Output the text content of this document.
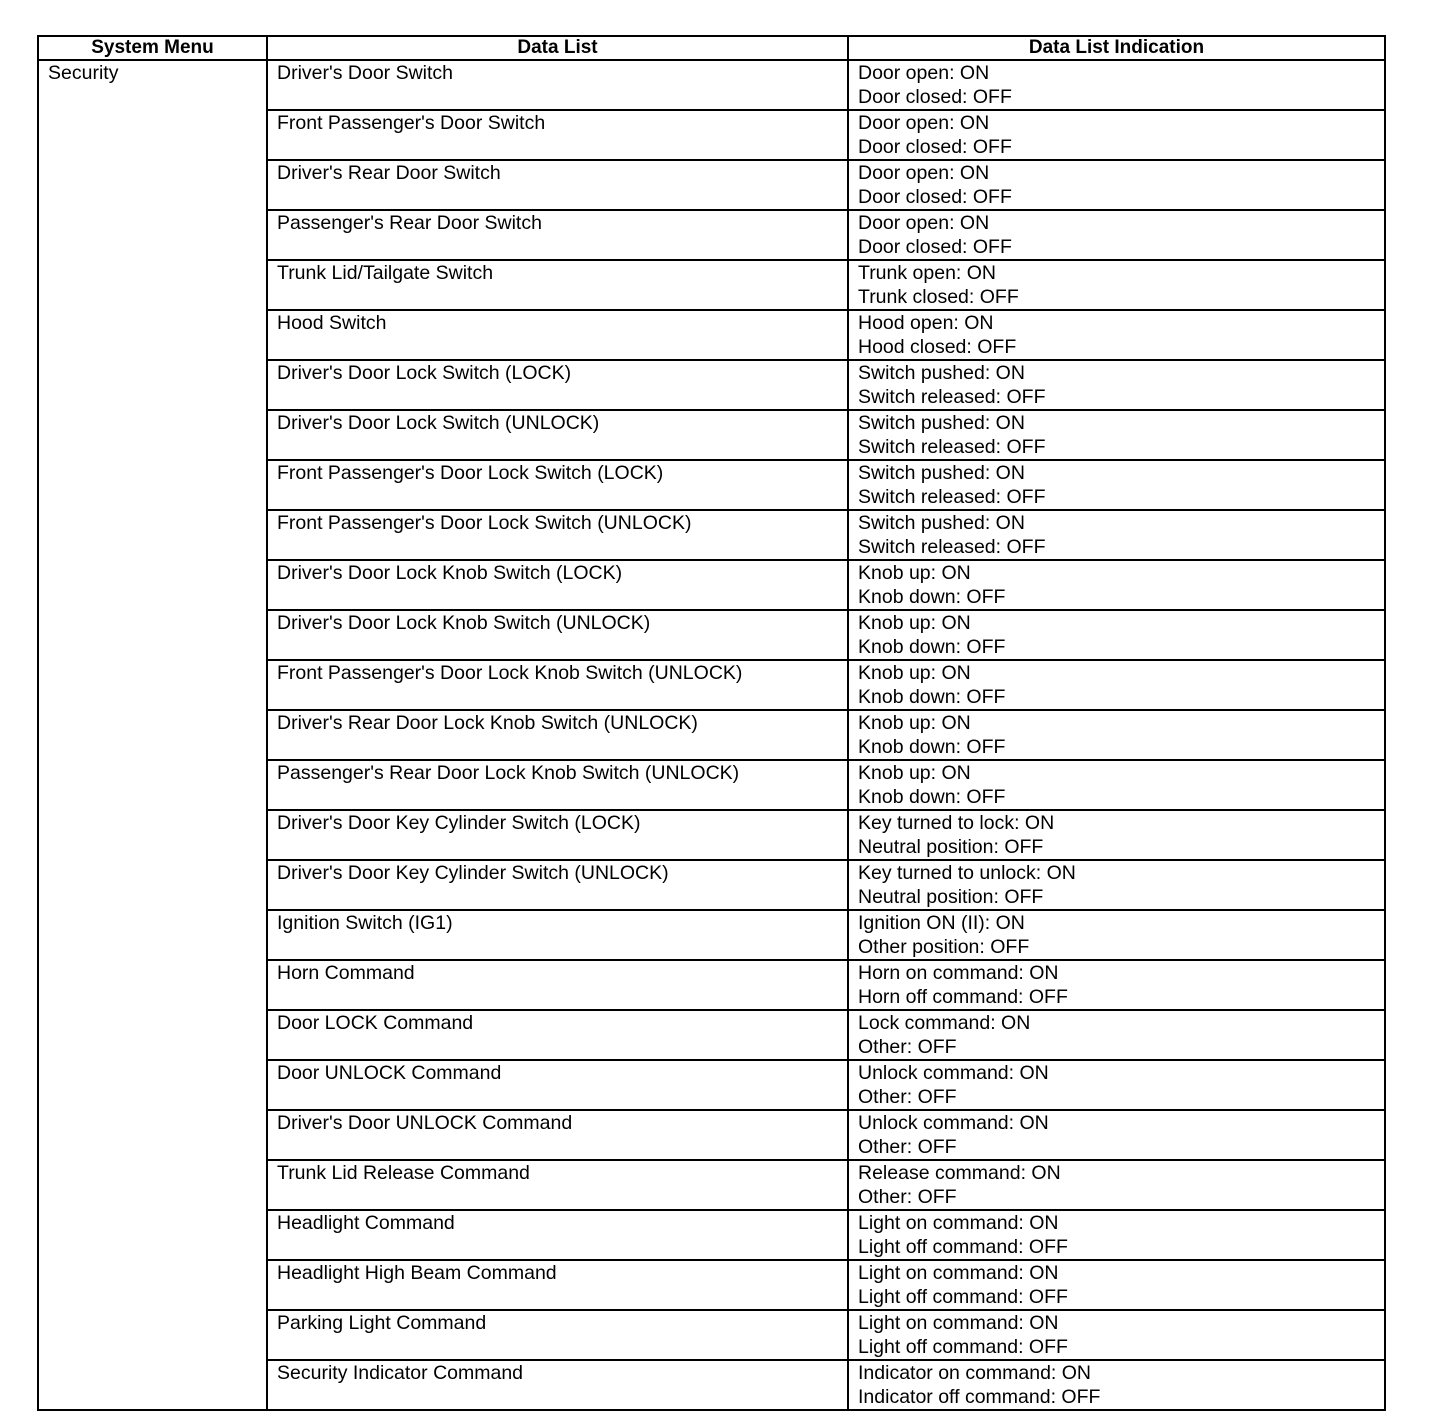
System Menu	Data List	Data List Indication
Security	Driver's Door Switch	Door open: ON
Door closed: OFF

	Front Passenger's Door Switch	Door open: ON
Door closed: OFF

	Driver's Rear Door Switch	Door open: ON
Door closed: OFF

	Passenger's Rear Door Switch	Door open: ON
Door closed: OFF

	Trunk Lid/Tailgate Switch	Trunk open: ON
Trunk closed: OFF

	Hood Switch	Hood open: ON
Hood closed: OFF

	Driver's Door Lock Switch (LOCK)	Switch pushed: ON
Switch released: OFF

	Driver's Door Lock Switch (UNLOCK)	Switch pushed: ON
Switch released: OFF

	Front Passenger's Door Lock Switch (LOCK)	Switch pushed: ON
Switch released: OFF

	Front Passenger's Door Lock Switch (UNLOCK)	Switch pushed: ON
Switch released: OFF

	Driver's Door Lock Knob Switch (LOCK)	Knob up: ON
Knob down: OFF

	Driver's Door Lock Knob Switch (UNLOCK)	Knob up: ON
Knob down: OFF

	Front Passenger's Door Lock Knob Switch (UNLOCK)	Knob up: ON
Knob down: OFF

	Driver's Rear Door Lock Knob Switch (UNLOCK)	Knob up: ON
Knob down: OFF

	Passenger's Rear Door Lock Knob Switch (UNLOCK)	Knob up: ON
Knob down: OFF

	Driver's Door Key Cylinder Switch (LOCK)	Key turned to lock: ON
Neutral position: OFF

	Driver's Door Key Cylinder Switch (UNLOCK)	Key turned to unlock: ON
Neutral position: OFF

	Ignition Switch (IG1)	Ignition ON (II): ON
Other position: OFF

	Horn Command	Horn on command: ON
Horn off command: OFF

	Door LOCK Command	Lock command: ON
Other: OFF

	Door UNLOCK Command	Unlock command: ON
Other: OFF

	Driver's Door UNLOCK Command	Unlock command: ON
Other: OFF

	Trunk Lid Release Command	Release command: ON
Other: OFF

	Headlight Command	Light on command: ON
Light off command: OFF

	Headlight High Beam Command	Light on command: ON
Light off command: OFF

	Parking Light Command	Light on command: ON
Light off command: OFF

	Security Indicator Command	Indicator on command: ON
Indicator off command: OFF
